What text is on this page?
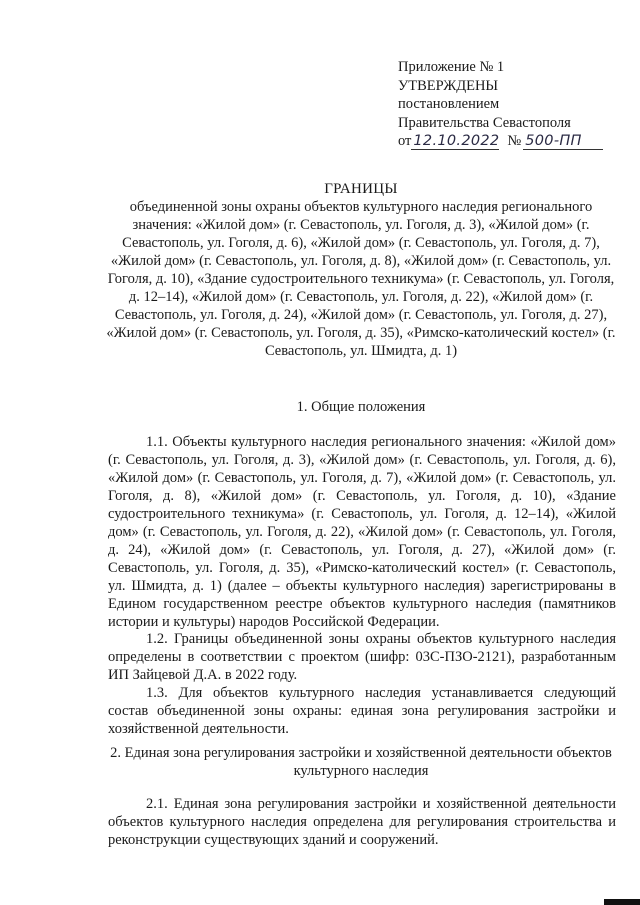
Приложение № 1
УТВЕРЖДЕНЫ
постановлением
Правительства Севастополя
от 12.10.2022 № 500-ПП
ГРАНИЦЫ
объединенной зоны охраны объектов культурного наследия регионального значения: «Жилой дом» (г. Севастополь, ул. Гоголя, д. 3), «Жилой дом» (г. Севастополь, ул. Гоголя, д. 6), «Жилой дом» (г. Севастополь, ул. Гоголя, д. 7), «Жилой дом» (г. Севастополь, ул. Гоголя, д. 8), «Жилой дом» (г. Севастополь, ул. Гоголя, д. 10), «Здание судостроительного техникума» (г. Севастополь, ул. Гоголя, д. 12–14), «Жилой дом» (г. Севастополь, ул. Гоголя, д. 22), «Жилой дом» (г. Севастополь, ул. Гоголя, д. 24), «Жилой дом» (г. Севастополь, ул. Гоголя, д. 27), «Жилой дом» (г. Севастополь, ул. Гоголя, д. 35), «Римско-католический костел» (г. Севастополь, ул. Шмидта, д. 1)
1. Общие положения
1.1. Объекты культурного наследия регионального значения: «Жилой дом» (г. Севастополь, ул. Гоголя, д. 3), «Жилой дом» (г. Севастополь, ул. Гоголя, д. 6), «Жилой дом» (г. Севастополь, ул. Гоголя, д. 7), «Жилой дом» (г. Севастополь, ул. Гоголя, д. 8), «Жилой дом» (г. Севастополь, ул. Гоголя, д. 10), «Здание судостроительного техникума» (г. Севастополь, ул. Гоголя, д. 12–14), «Жилой дом» (г. Севастополь, ул. Гоголя, д. 22), «Жилой дом» (г. Севастополь, ул. Гоголя, д. 24), «Жилой дом» (г. Севастополь, ул. Гоголя, д. 27), «Жилой дом» (г. Севастополь, ул. Гоголя, д. 35), «Римско-католический костел» (г. Севастополь, ул. Шмидта, д. 1) (далее – объекты культурного наследия) зарегистрированы в Едином государственном реестре объектов культурного наследия (памятников истории и культуры) народов Российской Федерации.
1.2. Границы объединенной зоны охраны объектов культурного наследия определены в соответствии с проектом (шифр: 03С-ПЗО-2121), разработанным ИП Зайцевой Д.А. в 2022 году.
1.3. Для объектов культурного наследия устанавливается следующий состав объединенной зоны охраны: единая зона регулирования застройки и хозяйственной деятельности.
2. Единая зона регулирования застройки и хозяйственной деятельности объектов культурного наследия
2.1. Единая зона регулирования застройки и хозяйственной деятельности объектов культурного наследия определена для регулирования строительства и реконструкции существующих зданий и сооружений.
